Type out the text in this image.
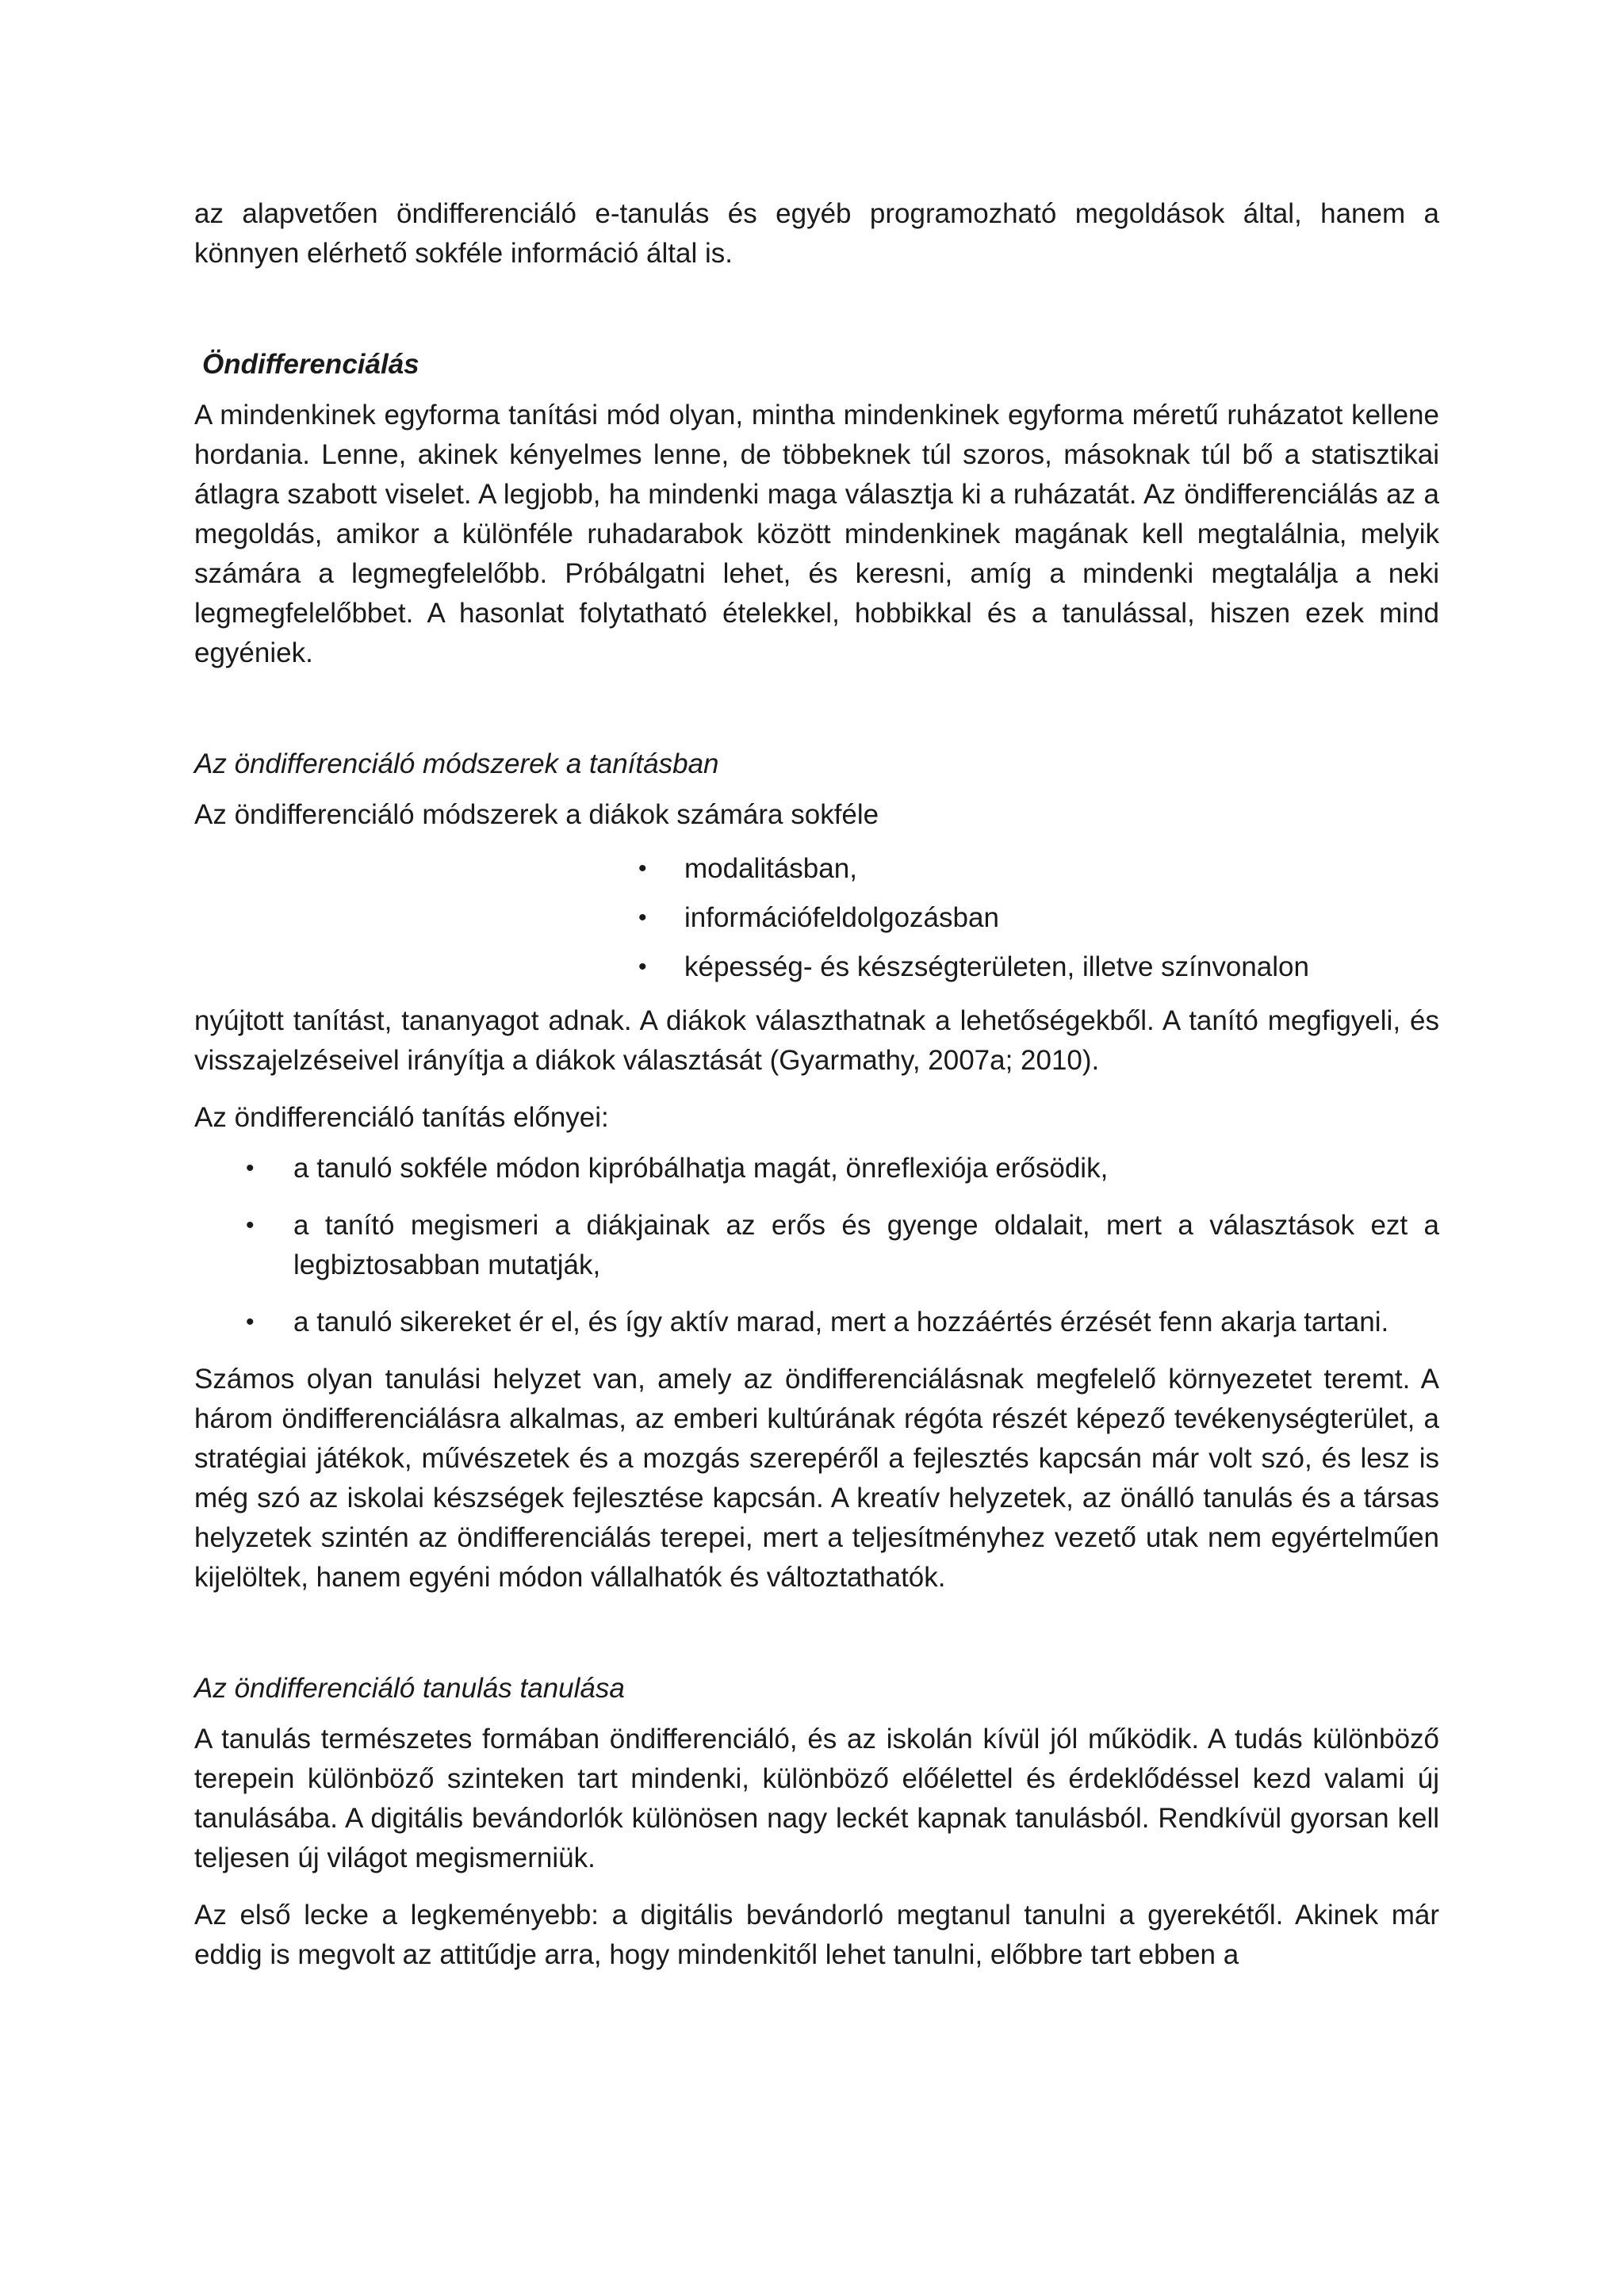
az alapvetően öndifferenciáló e-tanulás és egyéb programozható megoldások által, hanem a könnyen elérhető sokféle információ által is.

Öndifferenciálás

A mindenkinek egyforma tanítási mód olyan, mintha mindenkinek egyforma méretű ruházatot kellene hordania. Lenne, akinek kényelmes lenne, de többeknek túl szoros, másoknak túl bő a statisztikai átlagra szabott viselet. A legjobb, ha mindenki maga választja ki a ruházatát. Az öndifferenciálás az a megoldás, amikor a különféle ruhadarabok között mindenkinek magának kell megtalálnia, melyik számára a legmegfelelőbb. Próbálgatni lehet, és keresni, amíg a mindenki megtalálja a neki legmegfelelőbbet. A hasonlat folytatható ételekkel, hobbikkal és a tanulással, hiszen ezek mind egyéniek.

Az öndifferenciáló módszerek a tanításban

Az öndifferenciáló módszerek a diákok számára sokféle

• modalitásban,
• információfeldolgozásban
• képesség- és készségterületen, illetve színvonalon

nyújtott tanítást, tananyagot adnak. A diákok választhatnak a lehetőségekből. A tanító megfigyeli, és visszajelzéseivel irányítja a diákok választását (Gyarmathy, 2007a; 2010).

Az öndifferenciáló tanítás előnyei:

• a tanuló sokféle módon kipróbálhatja magát, önreflexiója erősödik,
• a tanító megismeri a diákjainak az erős és gyenge oldalait, mert a választások ezt a legbiztosabban mutatják,
• a tanuló sikereket ér el, és így aktív marad, mert a hozzáértés érzését fenn akarja tartani.

Számos olyan tanulási helyzet van, amely az öndifferenciálásnak megfelelő környezetet teremt. A három öndifferenciálásra alkalmas, az emberi kultúrának régóta részét képező tevékenységterület, a stratégiai játékok, művészetek és a mozgás szerepéről a fejlesztés kapcsán már volt szó, és lesz is még szó az iskolai készségek fejlesztése kapcsán. A kreatív helyzetek, az önálló tanulás és a társas helyzetek szintén az öndifferenciálás terepei, mert a teljesítményhez vezető utak nem egyértelműen kijelöltek, hanem egyéni módon vállalhatók és változtathatók.

Az öndifferenciáló tanulás tanulása

A tanulás természetes formában öndifferenciáló, és az iskolán kívül jól működik. A tudás különböző terepein különböző szinteken tart mindenki, különböző előélettel és érdeklődéssel kezd valami új tanulásába. A digitális bevándorlók különösen nagy leckét kapnak tanulásból. Rendkívül gyorsan kell teljesen új világot megismerniük.

Az első lecke a legkeményebb: a digitális bevándorló megtanul tanulni a gyerekétől. Akinek már eddig is megvolt az attitűdje arra, hogy mindenkitől lehet tanulni, előbbre tart ebben a
